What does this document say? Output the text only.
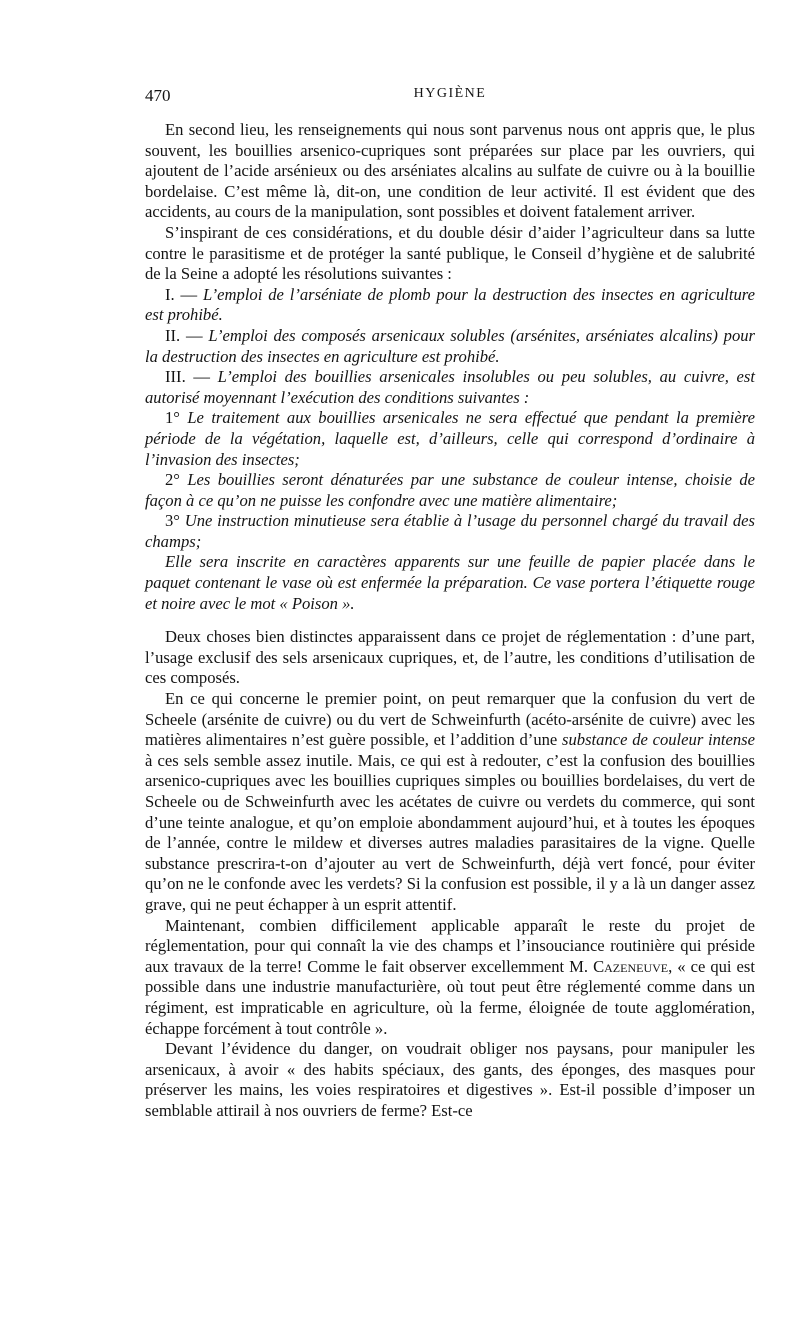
470	HYGIÈNE

En second lieu, les renseignements qui nous sont parvenus nous ont appris que, le plus souvent, les bouillies arsenico-cupriques sont préparées sur place par les ouvriers, qui ajoutent de l’acide arsénieux ou des arséniates alcalins au sulfate de cuivre ou à la bouillie bordelaise. C’est même là, dit-on, une condition de leur activité. Il est évident que des accidents, au cours de la manipulation, sont possibles et doivent fatalement arriver.

S’inspirant de ces considérations, et du double désir d’aider l’agriculteur dans sa lutte contre le parasitisme et de protéger la santé publique, le Conseil d’hygiène et de salubrité de la Seine a adopté les résolutions suivantes :

I. — L’emploi de l’arséniate de plomb pour la destruction des insectes en agriculture est prohibé.

II. — L’emploi des composés arsenicaux solubles (arsénites, arséniates alcalins) pour la destruction des insectes en agriculture est prohibé.

III. — L’emploi des bouillies arsenicales insolubles ou peu solubles, au cuivre, est autorisé moyennant l’exécution des conditions suivantes :

1° Le traitement aux bouillies arsenicales ne sera effectué que pendant la première période de la végétation, laquelle est, d’ailleurs, celle qui correspond d’ordinaire à l’invasion des insectes;

2° Les bouillies seront dénaturées par une substance de couleur intense, choisie de façon à ce qu’on ne puisse les confondre avec une matière alimentaire;

3° Une instruction minutieuse sera établie à l’usage du personnel chargé du travail des champs;

Elle sera inscrite en caractères apparents sur une feuille de papier placée dans le paquet contenant le vase où est enfermée la préparation. Ce vase portera l’étiquette rouge et noire avec le mot « Poison ».

Deux choses bien distinctes apparaissent dans ce projet de réglementation : d’une part, l’usage exclusif des sels arsenicaux cupriques, et, de l’autre, les conditions d’utilisation de ces composés.

En ce qui concerne le premier point, on peut remarquer que la confusion du vert de Scheele (arsénite de cuivre) ou du vert de Schweinfurth (acéto-arsénite de cuivre) avec les matières alimentaires n’est guère possible, et l’addition d’une substance de couleur intense à ces sels semble assez inutile. Mais, ce qui est à redouter, c’est la confusion des bouillies arsenico-cupriques avec les bouillies cupriques simples ou bouillies bordelaises, du vert de Scheele ou de Schweinfurth avec les acétates de cuivre ou verdets du commerce, qui sont d’une teinte analogue, et qu’on emploie abondamment aujourd’hui, et à toutes les époques de l’année, contre le mildew et diverses autres maladies parasitaires de la vigne. Quelle substance prescrira-t-on d’ajouter au vert de Schweinfurth, déjà vert foncé, pour éviter qu’on ne le confonde avec les verdets? Si la confusion est possible, il y a là un danger assez grave, qui ne peut échapper à un esprit attentif.

Maintenant, combien difficilement applicable apparaît le reste du projet de réglementation, pour qui connaît la vie des champs et l’insouciance routinière qui préside aux travaux de la terre! Comme le fait observer excellemment M. Cazeneuve, « ce qui est possible dans une industrie manufacturière, où tout peut être réglementé comme dans un régiment, est impraticable en agriculture, où la ferme, éloignée de toute agglomération, échappe forcément à tout contrôle ».

Devant l’évidence du danger, on voudrait obliger nos paysans, pour manipuler les arsenicaux, à avoir « des habits spéciaux, des gants, des éponges, des masques pour préserver les mains, les voies respiratoires et digestives ». Est-il possible d’imposer un semblable attirail à nos ouvriers de ferme? Est-ce
